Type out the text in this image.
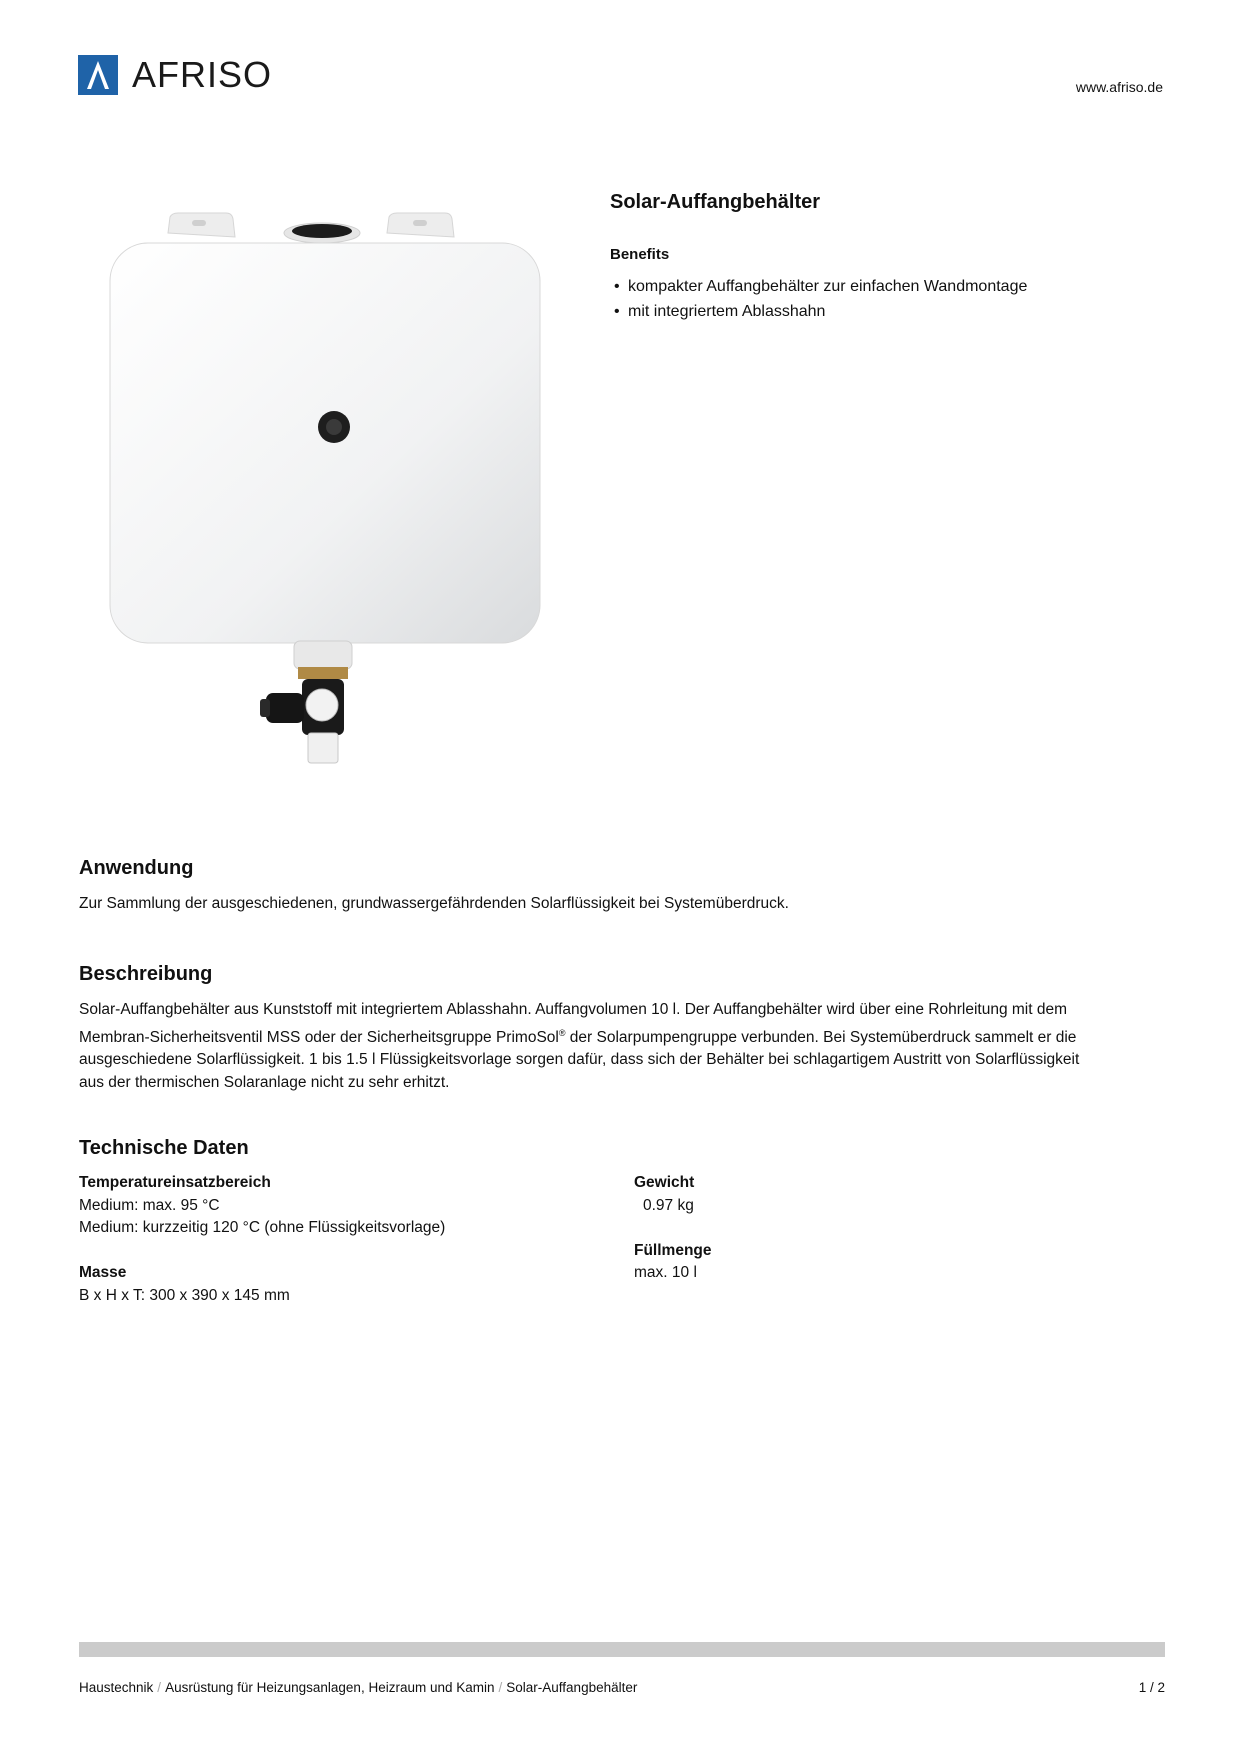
AFRISO	www.afriso.de
Solar-Auffangbehälter
Benefits
• kompakter Auffangbehälter zur einfachen Wandmontage
• mit integriertem Ablasshahn
Anwendung

Zur Sammlung der ausgeschiedenen, grundwassergefährdenden Solarflüssigkeit bei Systemüberdruck.

Beschreibung
Solar-Auffangbehälter aus Kunststoff mit integriertem Ablasshahn. Auffangvolumen 10 l. Der Auffangbehälter wird über eine Rohrleitung mit dem
Membran-Sicherheitsventil MSS oder der Sicherheitsgruppe PrimoSol® der Solarpumpengruppe verbunden. Bei Systemüberdruck sammelt er die
ausgeschiedene Solarflüssigkeit. 1 bis 1.5 l Flüssigkeitsvorlage sorgen dafür, dass sich der Behälter bei schlagartigem Austritt von Solarflüssigkeit
aus der thermischen Solaranlage nicht zu sehr erhitzt.
Technische Daten
Temperatureinsatzbereich
Medium: max. 95 °C
Medium: kurzzeitig 120 °C (ohne Flüssigkeitsvorlage)
Masse
B x H x T: 300 x 390 x 145 mm
Gewicht
0.97 kg
Füllmenge
max. 10 l
Haustechnik / Ausrüstung für Heizungsanlagen, Heizraum und Kamin / Solar-Auffangbehälter	1 / 2
